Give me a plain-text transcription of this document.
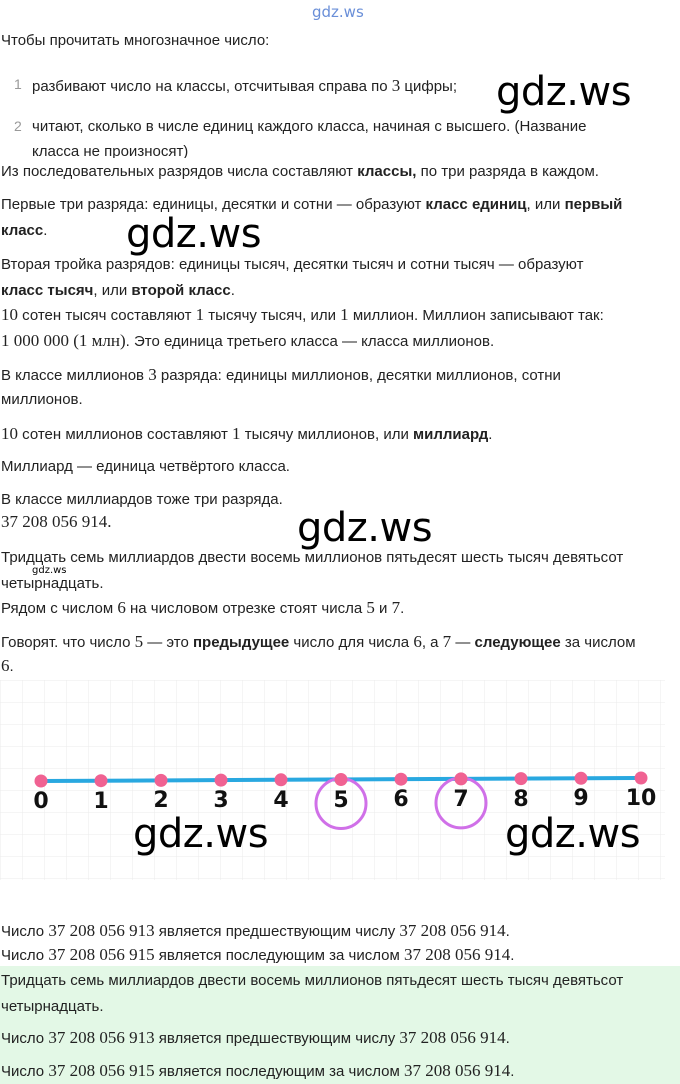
gdz.ws
Чтобы прочитать многозначное число:
1 разбивают число на классы, отсчитывая справа по 3 цифры;
2 читают, сколько в числе единиц каждого класса, начиная с высшего. (Название
класса не произносят)
Из последовательных разрядов числа составляют классы, по три разряда в каждом.
Первые три разряда: единицы, десятки и сотни — образуют класс единиц, или первый
класс.
Вторая тройка разрядов: единицы тысяч, десятки тысяч и сотни тысяч — образуют
класс тысяч, или второй класс.
10 сотен тысяч составляют 1 тысячу тысяч, или 1 миллион. Миллион записывают так:
1 000 000 (1 млн). Это единица третьего класса — класса миллионов.
В классе миллионов 3 разряда: единицы миллионов, десятки миллионов, сотни
миллионов.
10 сотен миллионов составляют 1 тысячу миллионов, или миллиард.
Миллиард — единица четвёртого класса.
В классе миллиардов тоже три разряда.
37 208 056 914.
Тридцать семь миллиардов двести восемь миллионов пятьдесят шесть тысяч девятьсот
четырнадцать.
gdz.ws
Рядом с числом 6 на числовом отрезке стоят числа 5 и 7.
Говорят. что число 5 — это предыдущее число для числа 6, а 7 — следующее за числом
6.
0 1 2 3 4 5 6 7 8 9 10
gdz.ws
gdz.ws
gdz.ws
gdz.ws	gdz.ws
Число 37 208 056 913 является предшествующим числу 37 208 056 914.
Число 37 208 056 915 является последующим за числом 37 208 056 914.
Тридцать семь миллиардов двести восемь миллионов пятьдесят шесть тысяч девятьсот
четырнадцать.
Число 37 208 056 913 является предшествующим числу 37 208 056 914.
Число 37 208 056 915 является последующим за числом 37 208 056 914.
